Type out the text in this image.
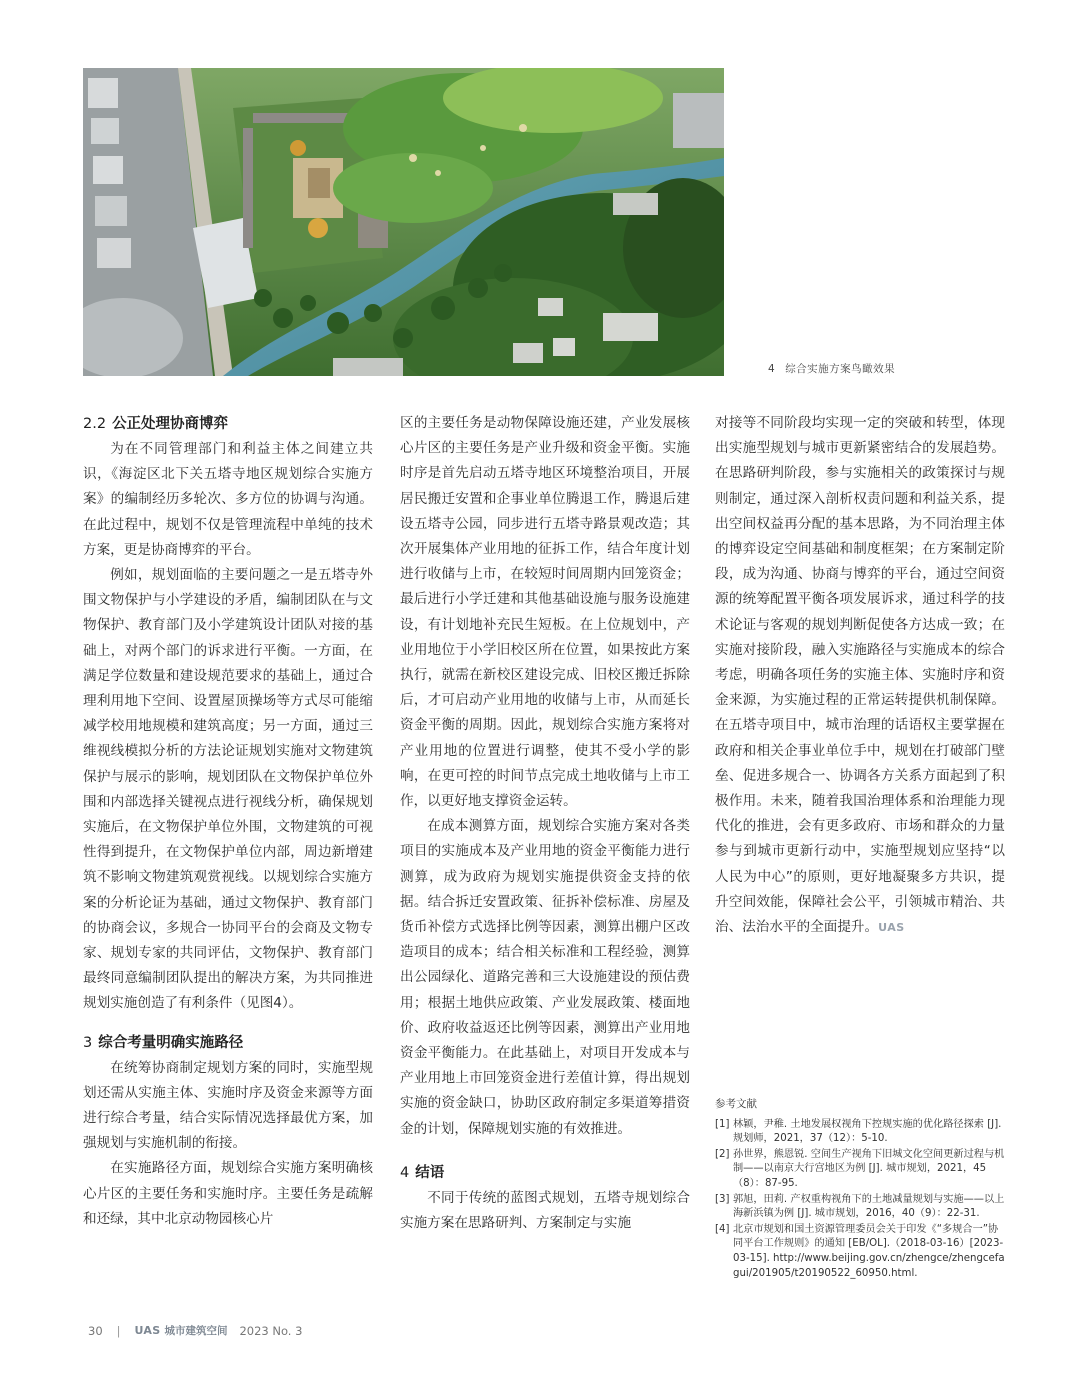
4 综合实施方案鸟瞰效果
2.2 公正处理协商博弈

为在不同管理部门和利益主体之间建立共识，《海淀区北下关五塔寺地区规划综合实施方案》的编制经历多轮次、多方位的协调与沟通。在此过程中，规划不仅是管理流程中单纯的技术方案，更是协商博弈的平台。

例如，规划面临的主要问题之一是五塔寺外围文物保护与小学建设的矛盾，编制团队在与文物保护、教育部门及小学建筑设计团队对接的基础上，对两个部门的诉求进行平衡。一方面，在满足学位数量和建设规范要求的基础上，通过合理利用地下空间、设置屋顶操场等方式尽可能缩减学校用地规模和建筑高度；另一方面，通过三维视线模拟分析的方法论证规划实施对文物建筑保护与展示的影响，规划团队在文物保护单位外围和内部选择关键视点进行视线分析，确保规划实施后，在文物保护单位外围，文物建筑的可视性得到提升，在文物保护单位内部，周边新增建筑不影响文物建筑观赏视线。以规划综合实施方案的分析论证为基础，通过文物保护、教育部门的协商会议，多规合一协同平台的会商及文物专家、规划专家的共同评估，文物保护、教育部门最终同意编制团队提出的解决方案，为共同推进规划实施创造了有利条件（见图4）。

3 综合考量明确实施路径

在统筹协商制定规划方案的同时，实施型规划还需从实施主体、实施时序及资金来源等方面进行综合考量，结合实际情况选择最优方案，加强规划与实施机制的衔接。

在实施路径方面，规划综合实施方案明确核心片区的主要任务和实施时序。主要任务是疏解和还绿，其中北京动物园核心片

区的主要任务是动物保障设施还建，产业发展核心片区的主要任务是产业升级和资金平衡。实施时序是首先启动五塔寺地区环境整治项目，开展居民搬迁安置和企事业单位腾退工作，腾退后建设五塔寺公园，同步进行五塔寺路景观改造；其次开展集体产业用地的征拆工作，结合年度计划进行收储与上市，在较短时间周期内回笼资金；最后进行小学迁建和其他基础设施与服务设施建设，有计划地补充民生短板。在上位规划中，产业用地位于小学旧校区所在位置，如果按此方案执行，就需在新校区建设完成、旧校区搬迁拆除后，才可启动产业用地的收储与上市，从而延长资金平衡的周期。因此，规划综合实施方案将对产业用地的位置进行调整，使其不受小学的影响，在更可控的时间节点完成土地收储与上市工作，以更好地支撑资金运转。

在成本测算方面，规划综合实施方案对各类项目的实施成本及产业用地的资金平衡能力进行测算，成为政府为规划实施提供资金支持的依据。结合拆迁安置政策、征拆补偿标准、房屋及货币补偿方式选择比例等因素，测算出棚户区改造项目的成本；结合相关标准和工程经验，测算出公园绿化、道路完善和三大设施建设的预估费用；根据土地供应政策、产业发展政策、楼面地价、政府收益返还比例等因素，测算出产业用地资金平衡能力。在此基础上，对项目开发成本与产业用地上市回笼资金进行差值计算，得出规划实施的资金缺口，协助区政府制定多渠道筹措资金的计划，保障规划实施的有效推进。

4 结语

不同于传统的蓝图式规划，五塔寺规划综合实施方案在思路研判、方案制定与实施

对接等不同阶段均实现一定的突破和转型，体现出实施型规划与城市更新紧密结合的发展趋势。在思路研判阶段，参与实施相关的政策探讨与规则制定，通过深入剖析权责问题和利益关系，提出空间权益再分配的基本思路，为不同治理主体的博弈设定空间基础和制度框架；在方案制定阶段，成为沟通、协商与博弈的平台，通过空间资源的统筹配置平衡各项发展诉求，通过科学的技术论证与客观的规划判断促使各方达成一致；在实施对接阶段，融入实施路径与实施成本的综合考虑，明确各项任务的实施主体、实施时序和资金来源，为实施过程的正常运转提供机制保障。在五塔寺项目中，城市治理的话语权主要掌握在政府和相关企事业单位手中，规划在打破部门壁垒、促进多规合一、协调各方关系方面起到了积极作用。未来，随着我国治理体系和治理能力现代化的推进，会有更多政府、市场和群众的力量参与到城市更新行动中，实施型规划应坚持“以人民为中心”的原则，更好地凝聚多方共识，提升空间效能，保障社会公平，引领城市精治、共治、法治水平的全面提升。UAS

参考文献
[1] 林颖，尹稚. 土地发展权视角下控规实施的优化路径探索 [J]. 规划师，2021，37（12）：5-10.
[2] 孙世界，熊恩锐. 空间生产视角下旧城文化空间更新过程与机制——以南京大行宫地区为例 [J]. 城市规划，2021，45（8）：87-95.
[3] 郭旭，田莉. 产权重构视角下的土地减量规划与实施——以上海新浜镇为例 [J]. 城市规划，2016，40（9）：22-31.
[4] 北京市规划和国土资源管理委员会关于印发《“多规合一”协同平台工作规则》的通知 [EB/OL].（2018-03-16）[2023-03-15]. http://www.beijing.gov.cn/zhengce/zhengcefagui/201905/t20190522_60950.html.
30 | UAS 城市建筑空间 2023 No. 3
